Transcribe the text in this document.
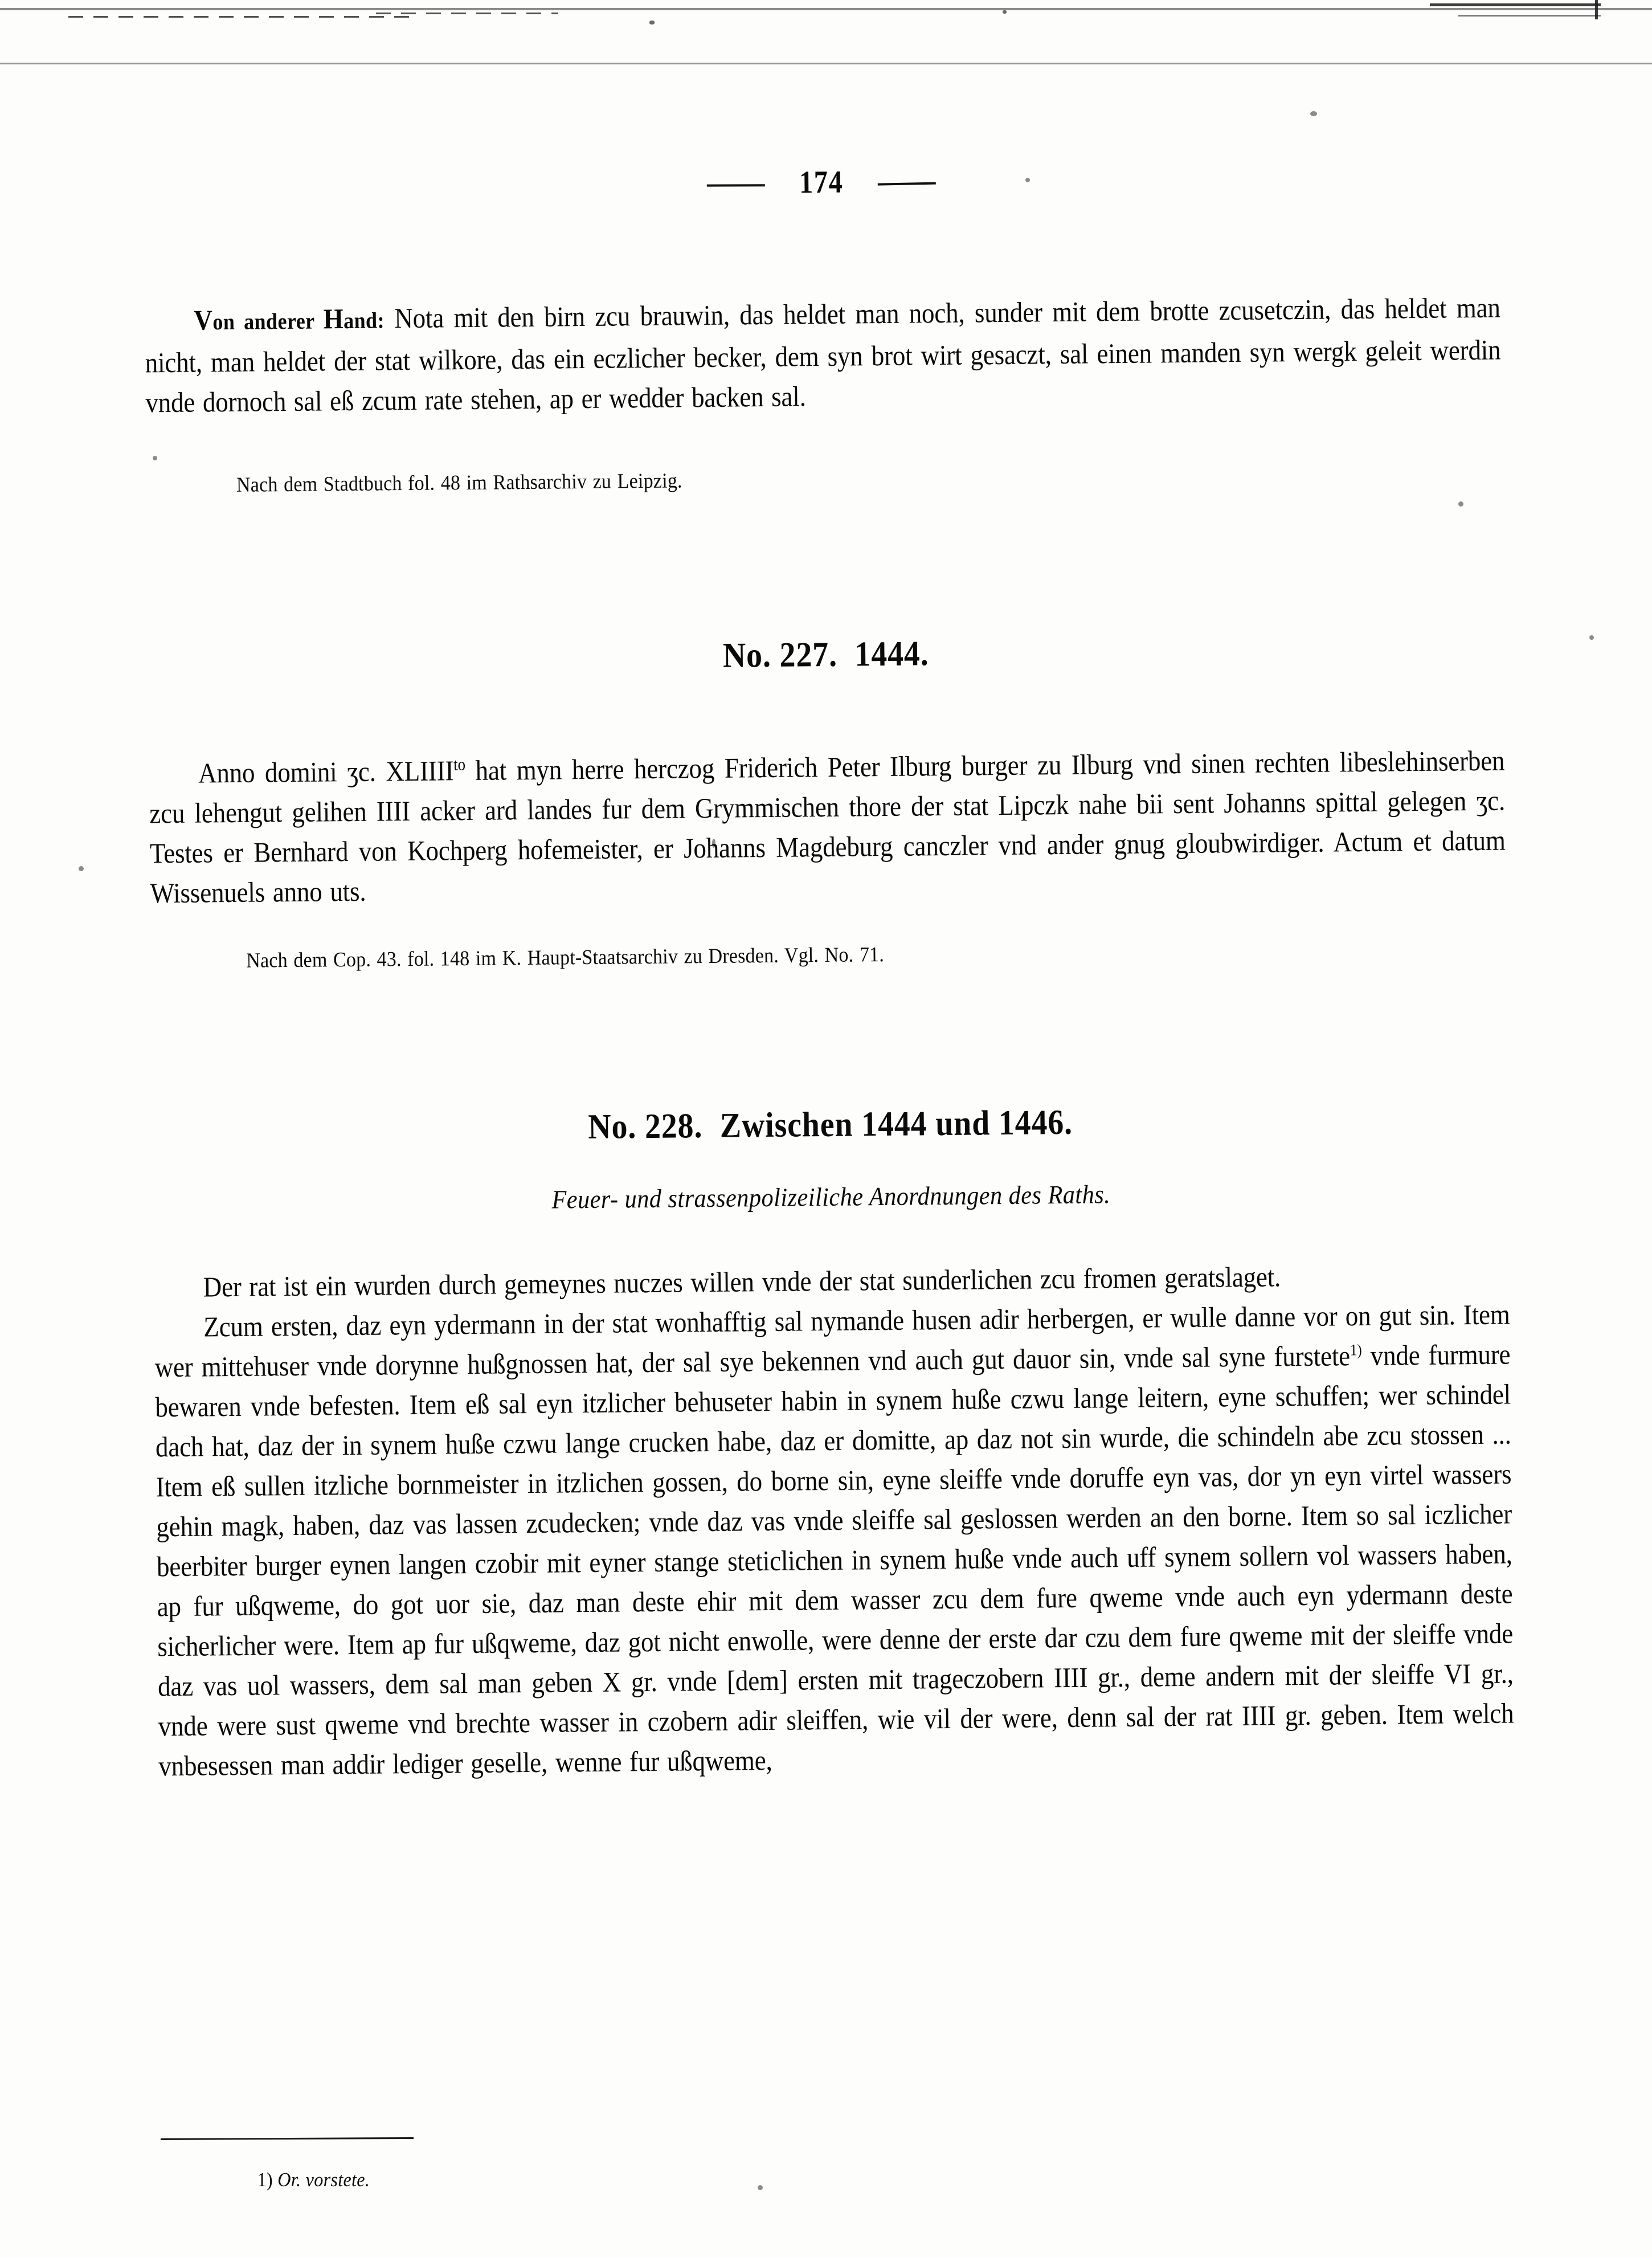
174

Von anderer Hand: Nota mit den birn zcu brauwin, das heldet man noch, sunder mit dem brotte zcusetczin, das heldet man nicht, man heldet der stat wilkore, das ein eczlicher becker, dem syn brot wirt gesaczt, sal einen manden syn wergk geleit werdin vnde dornoch sal eß zcum rate stehen, ap er wedder backen sal.

Nach dem Stadtbuch fol. 48 im Rathsarchiv zu Leipzig.

No. 227. 1444.

Anno domini ʒc. $XLIIII^{to}$ hat myn herre herczog Friderich Peter Ilburg burger zu Ilburg vnd sinen rechten libeslehinserben zcu lehengut gelihen IIII acker ard landes fur dem Grymmischen thore der stat Lipczk nahe bii sent Johanns spittal gelegen ʒc. Testes er Bernhard von Kochperg hofemeister, er Johanns Magdeburg canczler vnd ander gnug gloubwirdiger. Actum et datum Wissenuels anno uts.

Nach dem Cop. 43. fol. 148 im K. Haupt-Staatsarchiv zu Dresden. Vgl. No. 71.

No. 228. Zwischen 1444 und 1446.

Feuer- und strassenpolizeiliche Anordnungen des Raths.

Der rat ist ein wurden durch gemeynes nuczes willen vnde der stat sunderlichen zcu fromen geratslaget.

Zcum ersten, daz eyn ydermann in der stat wonhafftig sal nymande husen adir herbergen, er wulle danne vor on gut sin. Item wer mittehuser vnde dorynne hußgnossen hat, der sal sye bekennen vnd auch gut dauor sin, vnde sal syne furstete$^{1)}$ vnde furmure bewaren vnde befesten. Item eß sal eyn itzlicher behuseter habin in synem huße czwu lange leitern, eyne schuffen; wer schindel dach hat, daz der in synem huße czwu lange crucken habe, daz er domitte, ap daz not sin wurde, die schindeln abe zcu stossen ... Item eß sullen itzliche bornmeister in itzlichen gossen, do borne sin, eyne sleiffe vnde doruffe eyn vas, dor yn eyn virtel wassers gehin magk, haben, daz vas lassen zcudecken; vnde daz vas vnde sleiffe sal geslossen werden an den borne. Item so sal iczlicher beerbiter burger eynen langen czobir mit eyner stange steticlichen in synem huße vnde auch uff synem sollern vol wassers haben, ap fur ußqweme, do got uor sie, daz man deste ehir mit dem wasser zcu dem fure qweme vnde auch eyn ydermann deste sicherlicher were. Item ap fur ußqweme, daz got nicht enwolle, were denne der erste dar czu dem fure qweme mit der sleiffe vnde daz vas uol wassers, dem sal man geben X gr. vnde [dem] ersten mit trageczobern IIII gr., deme andern mit der sleiffe VI gr., vnde were sust qweme vnd brechte wasser in czobern adir sleiffen, wie vil der were, denn sal der rat IIII gr. geben. Item welch vnbesessen man addir lediger geselle, wenne fur ußqweme,

1) Or. vorstete.
